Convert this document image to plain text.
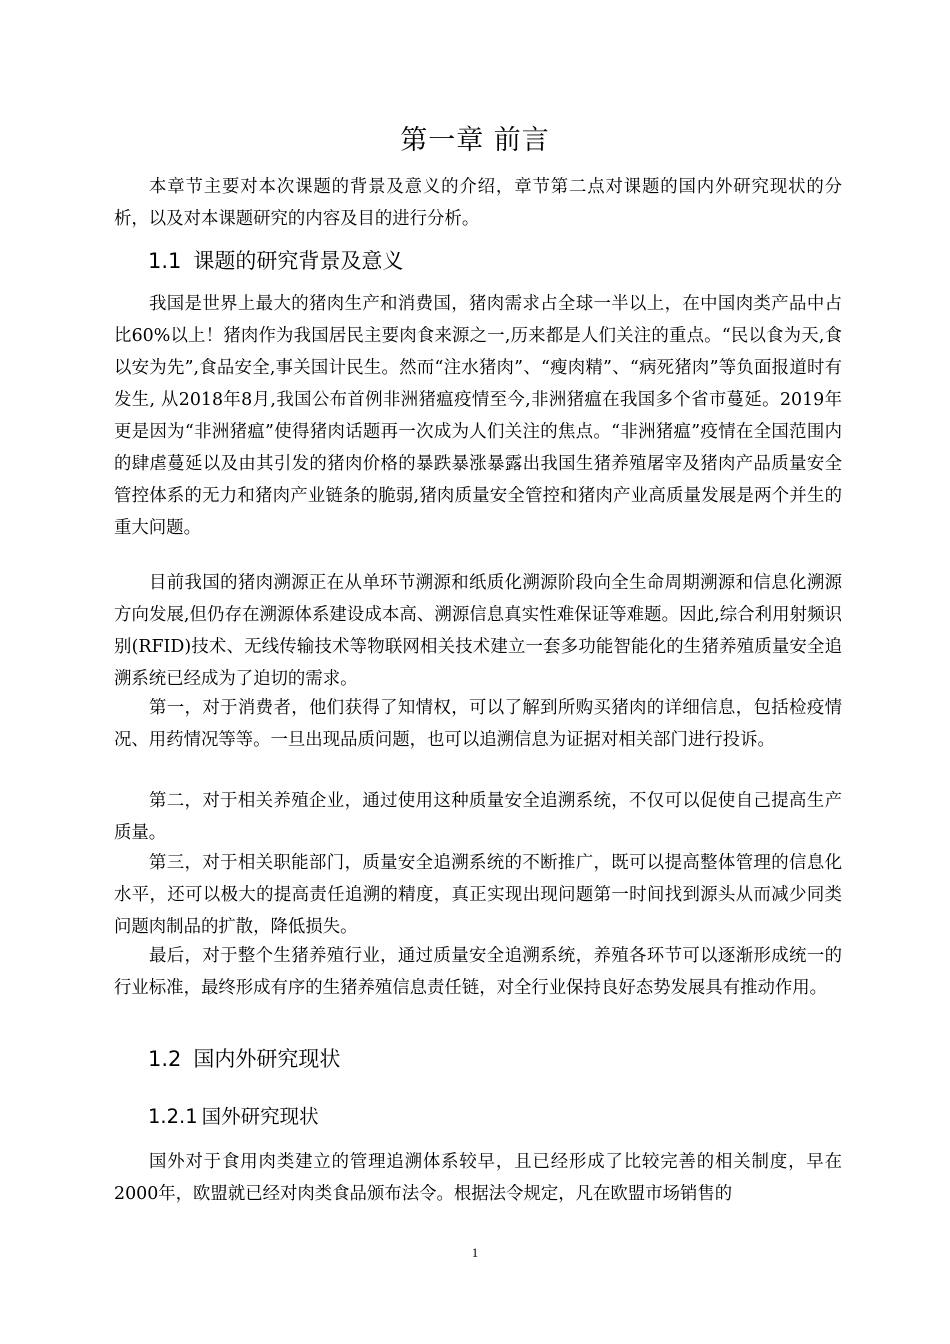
第一章 前言

本章节主要对本次课题的背景及意义的介绍，章节第二点对课题的国内外研究现状的分析，以及对本课题研究的内容及目的进行分析。

1.1 课题的研究背景及意义

我国是世界上最大的猪肉生产和消费国，猪肉需求占全球一半以上，在中国肉类产品中占比60%以上！猪肉作为我国居民主要肉食来源之一,历来都是人们关注的重点。“民以食为天,食以安为先”,食品安全,事关国计民生。然而“注水猪肉”、“瘦肉精”、“病死猪肉”等负面报道时有发生, 从2018年8月,我国公布首例非洲猪瘟疫情至今,非洲猪瘟在我国多个省市蔓延。2019年更是因为“非洲猪瘟”使得猪肉话题再一次成为人们关注的焦点。“非洲猪瘟”疫情在全国范围内的肆虐蔓延以及由其引发的猪肉价格的暴跌暴涨暴露出我国生猪养殖屠宰及猪肉产品质量安全管控体系的无力和猪肉产业链条的脆弱,猪肉质量安全管控和猪肉产业高质量发展是两个并生的重大问题。

目前我国的猪肉溯源正在从单环节溯源和纸质化溯源阶段向全生命周期溯源和信息化溯源方向发展,但仍存在溯源体系建设成本高、溯源信息真实性难保证等难题。因此,综合利用射频识别(RFID)技术、无线传输技术等物联网相关技术建立一套多功能智能化的生猪养殖质量安全追溯系统已经成为了迫切的需求。

第一，对于消费者，他们获得了知情权，可以了解到所购买猪肉的详细信息，包括检疫情况、用药情况等等。一旦出现品质问题，也可以追溯信息为证据对相关部门进行投诉。

第二，对于相关养殖企业，通过使用这种质量安全追溯系统，不仅可以促使自己提高生产质量。

第三，对于相关职能部门，质量安全追溯系统的不断推广，既可以提高整体管理的信息化水平，还可以极大的提高责任追溯的精度，真正实现出现问题第一时间找到源头从而减少同类问题肉制品的扩散，降低损失。

最后，对于整个生猪养殖行业，通过质量安全追溯系统，养殖各环节可以逐渐形成统一的行业标准，最终形成有序的生猪养殖信息责任链，对全行业保持良好态势发展具有推动作用。

1.2 国内外研究现状
1.2.1 国外研究现状

国外对于食用肉类建立的管理追溯体系较早，且已经形成了比较完善的相关制度，早在2000年，欧盟就已经对肉类食品颁布法令。根据法令规定，凡在欧盟市场销售的

1
